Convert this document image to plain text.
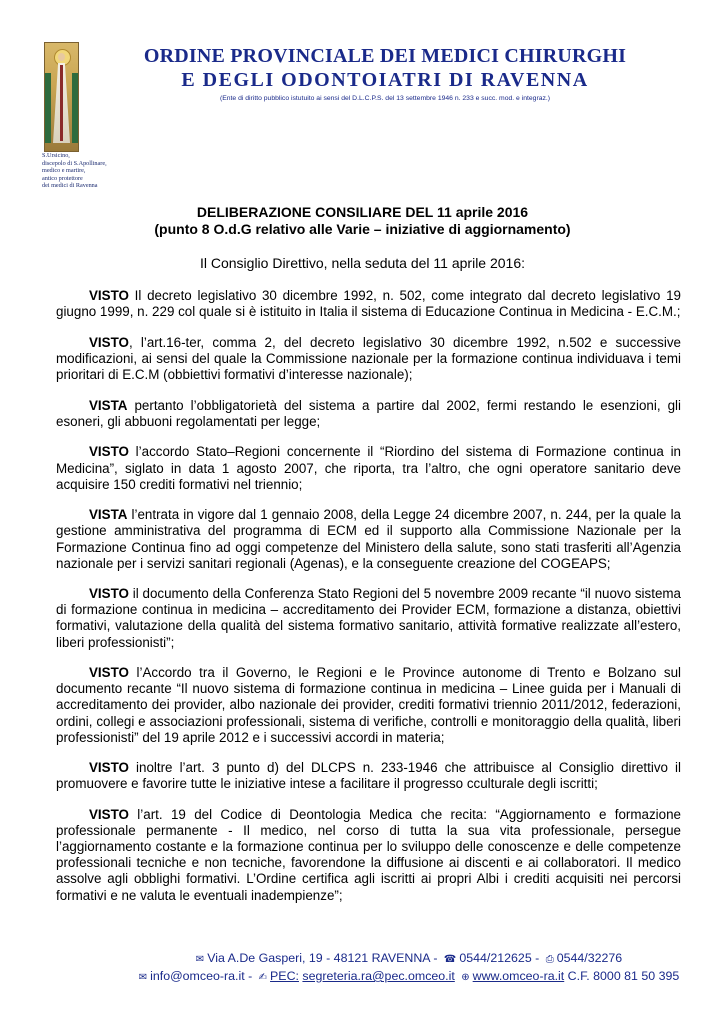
S.Ursicino,
discepolo di S.Apollinare,
medico e martire,
antico protettore
dei medici di Ravenna
ORDINE PROVINCIALE DEI MEDICI CHIRURGHI
E DEGLI ODONTOIATRI DI RAVENNA
(Ente di diritto pubblico istutuito ai sensi del D.L.C.P.S. del 13 settembre 1946 n. 233 e succ. mod. e integraz.)
DELIBERAZIONE CONSILIARE DEL 11 aprile 2016
(punto 8 O.d.G relativo alle Varie – iniziative di aggiornamento)
Il Consiglio Direttivo, nella seduta del 11 aprile 2016:

VISTO Il decreto legislativo 30 dicembre 1992, n. 502, come integrato dal decreto legislativo 19 giugno 1999, n. 229 col quale si è istituito in Italia il sistema di Educazione Continua in Medicina - E.C.M.;

VISTO, l’art.16-ter, comma 2, del decreto legislativo 30 dicembre 1992, n.502 e successive modificazioni, ai sensi del quale la Commissione nazionale per la formazione continua individuava i temi prioritari di E.C.M (obbiettivi formativi d’interesse nazionale);

VISTA pertanto l’obbligatorietà del sistema a partire dal 2002, fermi restando le esenzioni, gli esoneri, gli abbuoni regolamentati per legge;

VISTO l’accordo Stato–Regioni concernente il “Riordino del sistema di Formazione continua in Medicina”, siglato in data 1 agosto 2007, che riporta, tra l’altro, che ogni operatore sanitario deve acquisire 150 crediti formativi nel triennio;

VISTA l’entrata in vigore dal 1 gennaio 2008, della Legge 24 dicembre 2007, n. 244, per la quale la gestione amministrativa del programma di ECM ed il supporto alla Commissione Nazionale per la Formazione Continua fino ad oggi competenze del Ministero della salute, sono stati trasferiti all’Agenzia nazionale per i servizi sanitari regionali (Agenas), e la conseguente creazione del COGEAPS;

VISTO il documento della Conferenza Stato Regioni del 5 novembre 2009 recante “il nuovo sistema di formazione continua in medicina – accreditamento dei Provider ECM, formazione a distanza, obiettivi formativi, valutazione della qualità del sistema formativo sanitario, attività formative realizzate all’estero, liberi professionisti”;

VISTO l’Accordo tra il Governo, le Regioni e le Province autonome di Trento e Bolzano sul documento recante “Il nuovo sistema di formazione continua in medicina – Linee guida per i Manuali di accreditamento dei provider, albo nazionale dei provider, crediti formativi triennio 2011/2012, federazioni, ordini, collegi e associazioni professionali, sistema di verifiche, controlli e monitoraggio della qualità, liberi professionisti” del 19 aprile 2012 e i successivi accordi in materia;

VISTO inoltre l’art. 3 punto d) del DLCPS n. 233-1946 che attribuisce al Consiglio direttivo il promuovere e favorire tutte le iniziative intese a facilitare il progresso cculturale degli iscritti;

VISTO l’art. 19 del Codice di Deontologia Medica che recita: “Aggiornamento e formazione professionale permanente - Il medico, nel corso di tutta la sua vita professionale, persegue l’aggiornamento costante e la formazione continua per lo sviluppo delle conoscenze e delle competenze professionali tecniche e non tecniche, favorendone la diffusione ai discenti e ai collaboratori. Il medico assolve agli obblighi formativi. L’Ordine certifica agli iscritti ai propri Albi i crediti acquisiti nei percorsi formativi e ne valuta le eventuali inadempienze”;

✉ Via A.De Gasperi, 19 - 48121 RAVENNA - ☎ 0544/212625 - ⎙ 0544/32276
✉ info@omceo-ra.it - ✍ PEC: segreteria.ra@pec.omceo.it ⊕ www.omceo-ra.it C.F. 8000 81 50 395
